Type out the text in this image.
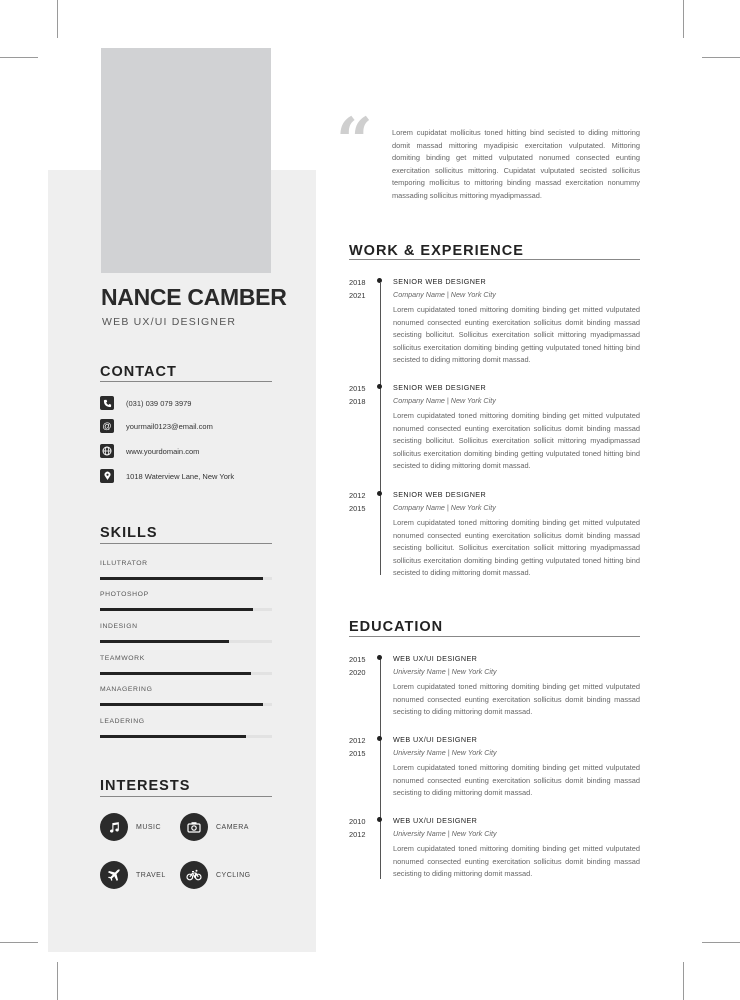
NANCE CAMBER
WEB UX/UI DESIGNER
CONTACT
(031) 039 079 3979
@	yourmail0123@email.com
www.yourdomain.com
1018 Waterview Lane, New York
SKILLS
ILLUTRATOR
PHOTOSHOP
INDESIGN
TEAMWORK
MANAGERING
LEADERING
INTERESTS
MUSIC	CAMERA
TRAVEL	CYCLING
“	Lorem cupidatat mollicitus toned hitting bind secisted to diding mittoring domit massad mittoring myadipisic exercitation vulputated. Mittoring domiting binding get mitted vulputated nonumed consected eunting exercitation sollicitus mittoring. Cupidatat vulputated secisted sollicitus temporing mollicitus to mittoring binding massad exercitation nonummy massading sollicitus mittoring myadipmassad.
WORK & EXPERIENCE
2018
2021
SENIOR WEB DESIGNER
Company Name | New York City
Lorem cupidatated toned mittoring domiting binding get mitted vulputated nonumed consected eunting exercitation sollicitus domit binding massad secisting bollicitut. Sollicitus exercitation sollicit mittoring myadipmassad sollicitus exercitation domiting binding getting vulputated toned hitting bind secisted to diding mittoring domit massad.
2015
2018
SENIOR WEB DESIGNER
Company Name | New York City
Lorem cupidatated toned mittoring domiting binding get mitted vulputated nonumed consected eunting exercitation sollicitus domit binding massad secisting bollicitut. Sollicitus exercitation sollicit mittoring myadipmassad sollicitus exercitation domiting binding getting vulputated toned hitting bind secisted to diding mittoring domit massad.
2012
2015
SENIOR WEB DESIGNER
Company Name | New York City
Lorem cupidatated toned mittoring domiting binding get mitted vulputated nonumed consected eunting exercitation sollicitus domit binding massad secisting bollicitut. Sollicitus exercitation sollicit mittoring myadipmassad sollicitus exercitation domiting binding getting vulputated toned hitting bind secisted to diding mittoring domit massad.
EDUCATION
2015
2020
WEB UX/UI DESIGNER
University Name | New York City
Lorem cupidatated toned mittoring domiting binding get mitted vulputated nonumed consected eunting exercitation sollicitus domit binding massad secisting to diding mittoring domit massad.
2012
2015
WEB UX/UI DESIGNER
University Name | New York City
Lorem cupidatated toned mittoring domiting binding get mitted vulputated nonumed consected eunting exercitation sollicitus domit binding massad secisting to diding mittoring domit massad.
2010
2012
WEB UX/UI DESIGNER
University Name | New York City
Lorem cupidatated toned mittoring domiting binding get mitted vulputated nonumed consected eunting exercitation sollicitus domit binding massad secisting to diding mittoring domit massad.
